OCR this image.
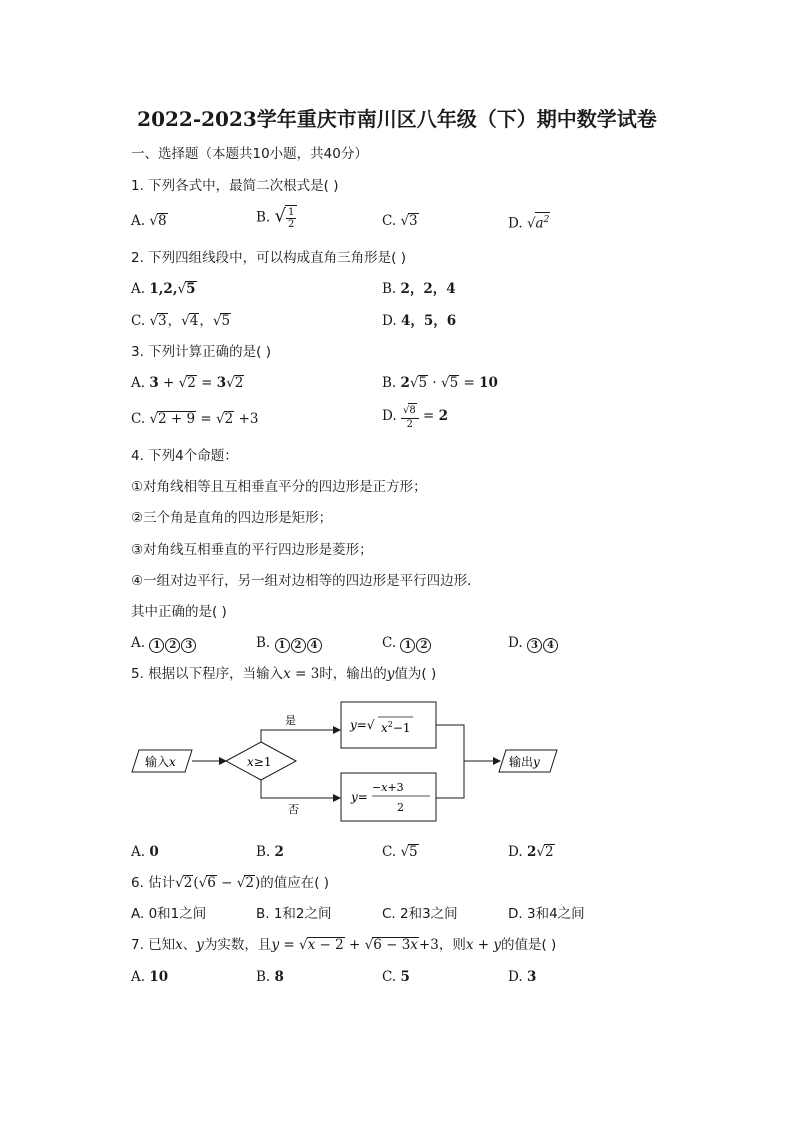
2022-2023学年重庆市南川区八年级（下）期中数学试卷
一、选择题（本题共10小题，共40分）
1. 下列各式中，最简二次根式是( )
A. √8	B. √ $\frac{1}{2}$	C. √3	D. $√a^2$
2. 下列四组线段中，可以构成直角三角形是( )
A. 1,2,√5	B. 2，2，4
C. √3，√4，√5	D. 4，5，6
3. 下列计算正确的是( )
A. 3 + √2 = 3√2	B. 2√5 · √5 = 10
C. √2 + 9 = √2 +3	D. $\frac{√8}{2} = 2$
4. 下列4个命题：
①对角线相等且互相垂直平分的四边形是正方形；
②三个角是直角的四边形是矩形；
③对角线互相垂直的平行四边形是菱形；
④一组对边平行，另一组对边相等的四边形是平行四边形．
其中正确的是( )
A. 1 2 3	B. 1 2 4	C. 1 2	D. 3 4
5. 根据以下程序，当输入x = 3时，输出的y值为( )
输入x	x≥1
是	y=√ $x^2-1$
否
y=
−x+3
2
输出y
A. 0	B. 2	C. √5	D. 2√2
6. 估计√2(√6 − √2)的值应在( )
A. 0和1之间	B. 1和2之间	C. 2和3之间	D. 3和4之间
7. 已知x、y为实数，且y = √x − 2 + √6 − 3x+3，则x + y的值是( )
A. 10	B. 8	C. 5	D. 3
